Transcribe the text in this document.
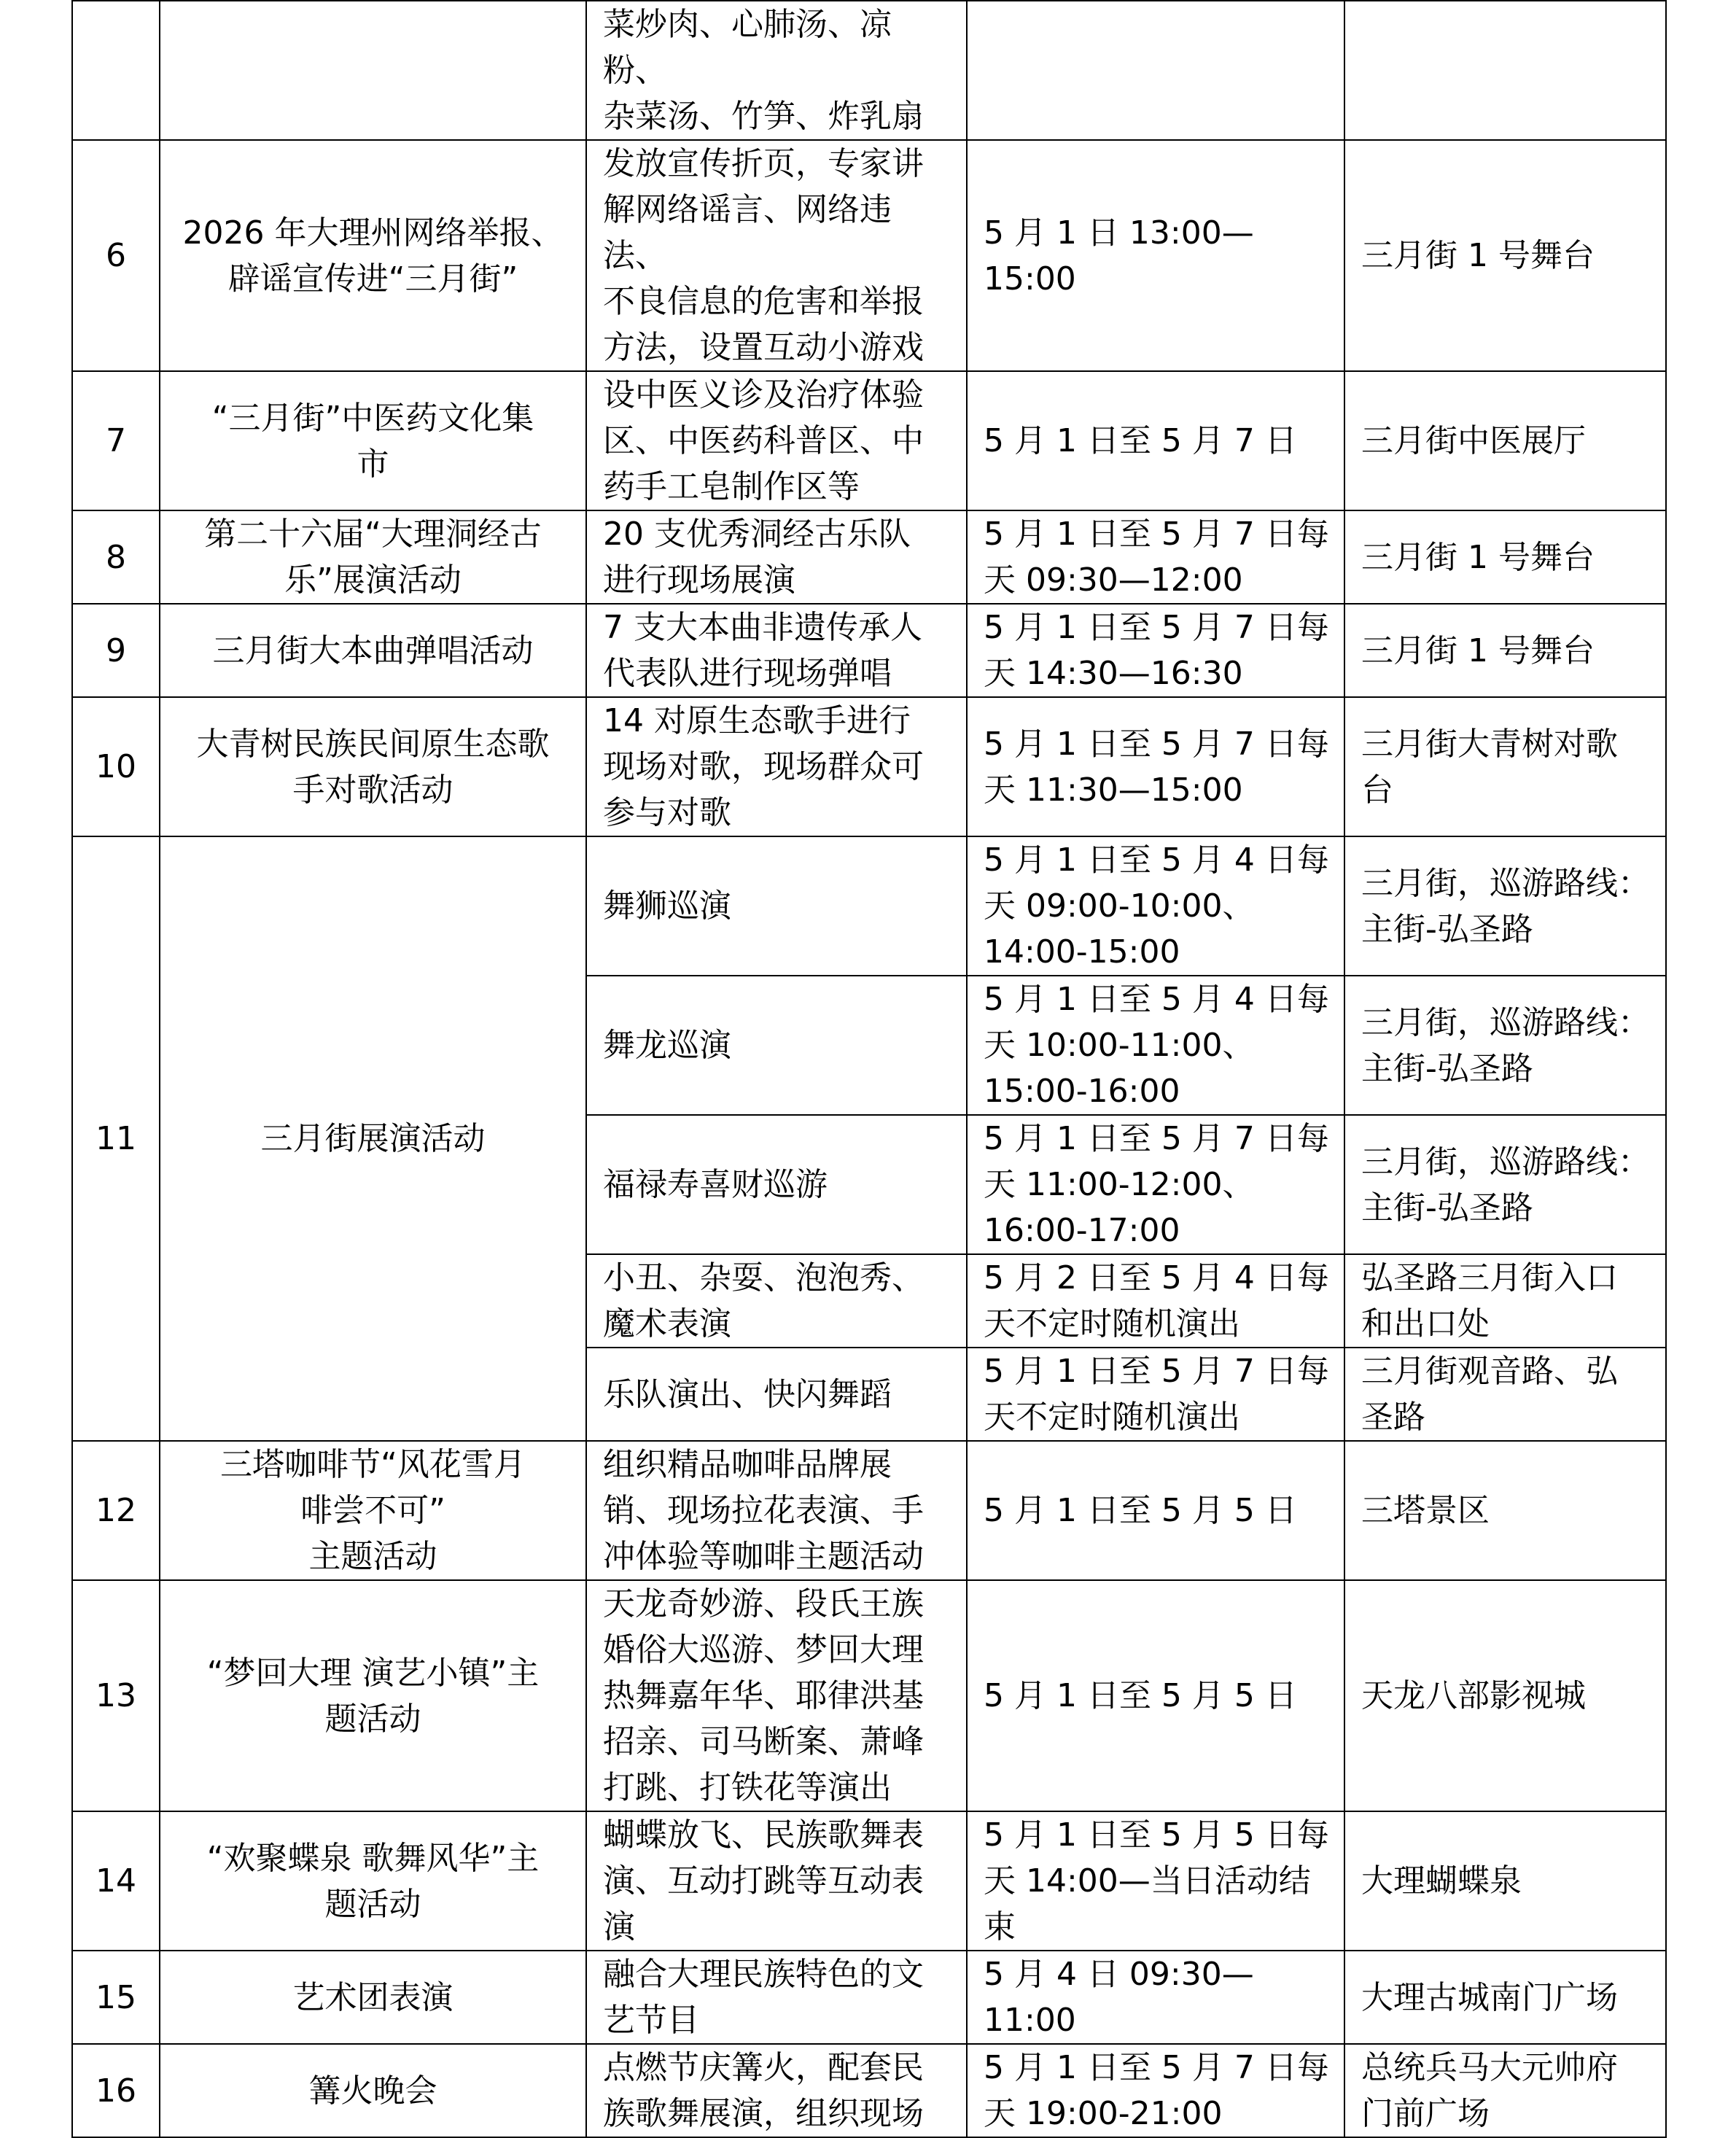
		菜炒肉、心肺汤、凉粉、
杂菜汤、竹笋、炸乳扇		

6	2026 年大理州网络举报、
辟谣宣传进“三月街”	发放宣传折页，专家讲
解网络谣言、网络违法、
不良信息的危害和举报
方法，设置互动小游戏	5 月 1 日 13:00—15:00	三月街 1 号舞台

7	“三月街”中医药文化集
市	设中医义诊及治疗体验
区、中医药科普区、中
药手工皂制作区等	5 月 1 日至 5 月 7 日	三月街中医展厅

8	第二十六届“大理洞经古
乐”展演活动	20 支优秀洞经古乐队
进行现场展演	5 月 1 日至 5 月 7 日每
天 09:30—12:00	三月街 1 号舞台

9	三月街大本曲弹唱活动	7 支大本曲非遗传承人
代表队进行现场弹唱	5 月 1 日至 5 月 7 日每
天 14:30—16:30	三月街 1 号舞台

10	大青树民族民间原生态歌
手对歌活动	14 对原生态歌手进行
现场对歌，现场群众可
参与对歌	5 月 1 日至 5 月 7 日每
天 11:30—15:00	三月街大青树对歌
台

11	三月街展演活动	舞狮巡演	5 月 1 日至 5 月 4 日每
天 09:00-10:00、
14:00-15:00	三月街，巡游路线：
主街-弘圣路

		舞龙巡演	5 月 1 日至 5 月 4 日每
天 10:00-11:00、
15:00-16:00	三月街，巡游路线：
主街-弘圣路

		福禄寿喜财巡游	5 月 1 日至 5 月 7 日每
天 11:00-12:00、
16:00-17:00	三月街，巡游路线：
主街-弘圣路

		小丑、杂耍、泡泡秀、
魔术表演	5 月 2 日至 5 月 4 日每
天不定时随机演出	弘圣路三月街入口
和出口处

		乐队演出、快闪舞蹈	5 月 1 日至 5 月 7 日每
天不定时随机演出	三月街观音路、弘
圣路

12	三塔咖啡节“风花雪月
啡尝不可”
主题活动	组织精品咖啡品牌展
销、现场拉花表演、手
冲体验等咖啡主题活动	5 月 1 日至 5 月 5 日	三塔景区

13	“梦回大理 演艺小镇”主
题活动	天龙奇妙游、段氏王族
婚俗大巡游、梦回大理
热舞嘉年华、耶律洪基
招亲、司马断案、萧峰
打跳、打铁花等演出	5 月 1 日至 5 月 5 日	天龙八部影视城

14	“欢聚蝶泉 歌舞风华”主
题活动	蝴蝶放飞、民族歌舞表
演、互动打跳等互动表
演	5 月 1 日至 5 月 5 日每
天 14:00—当日活动结
束	大理蝴蝶泉

15	艺术团表演	融合大理民族特色的文
艺节目	5 月 4 日 09:30—11:00	大理古城南门广场

16	篝火晚会	点燃节庆篝火，配套民
族歌舞展演，组织现场	5 月 1 日至 5 月 7 日每
天 19:00-21:00	总统兵马大元帅府
门前广场
